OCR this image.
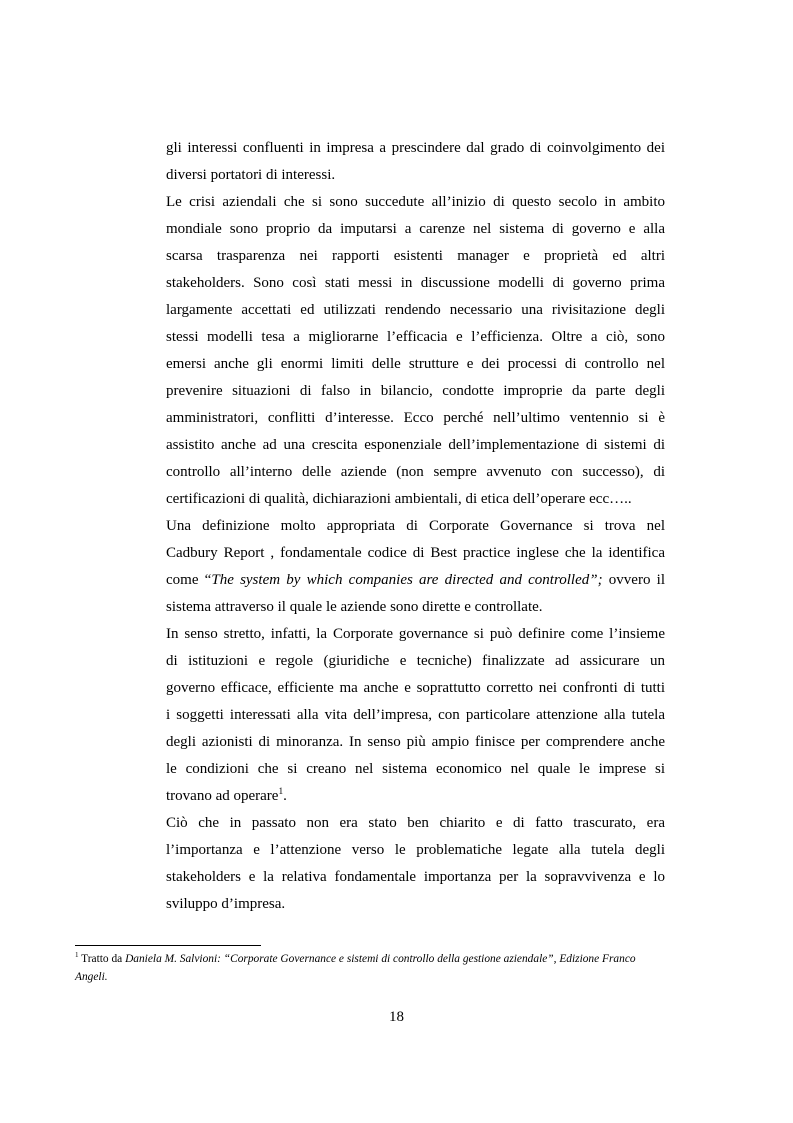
gli interessi confluenti in impresa a prescindere dal grado di coinvolgimento dei
diversi portatori di interessi.
Le crisi aziendali che si sono succedute all’inizio di questo secolo in ambito
mondiale sono proprio da imputarsi a carenze nel sistema di governo e alla
scarsa trasparenza nei rapporti esistenti manager e proprietà ed altri
stakeholders. Sono così stati messi in discussione modelli di governo prima
largamente accettati ed utilizzati rendendo necessario una rivisitazione degli
stessi modelli tesa a migliorarne l’efficacia e l’efficienza. Oltre a ciò, sono
emersi anche gli enormi limiti delle strutture e dei processi di controllo nel
prevenire situazioni di falso in bilancio, condotte improprie da parte degli
amministratori, conflitti d’interesse. Ecco perché nell’ultimo ventennio si è
assistito anche ad una crescita esponenziale dell’implementazione di sistemi di
controllo all’interno delle aziende (non sempre avvenuto con successo), di
certificazioni di qualità, dichiarazioni ambientali, di etica dell’operare ecc…..
Una definizione molto appropriata di Corporate Governance si trova nel
Cadbury Report , fondamentale codice di Best practice inglese che la identifica
come “The system by which companies are directed and controlled”; ovvero il
sistema attraverso il quale le aziende sono dirette e controllate.
In senso stretto, infatti, la Corporate governance si può definire come l’insieme
di istituzioni e regole (giuridiche e tecniche) finalizzate ad assicurare un
governo efficace, efficiente ma anche e soprattutto corretto nei confronti di tutti
i soggetti interessati alla vita dell’impresa, con particolare attenzione alla tutela
degli azionisti di minoranza. In senso più ampio finisce per comprendere anche
le condizioni che si creano nel sistema economico nel quale le imprese si
trovano ad operare$^1$.
Ciò che in passato non era stato ben chiarito e di fatto trascurato, era
l’importanza e l’attenzione verso le problematiche legate alla tutela degli
stakeholders e la relativa fondamentale importanza per la sopravvivenza e lo
sviluppo d’impresa.
$^1$ Tratto da Daniela M. Salvioni: “Corporate Governance e sistemi di controllo della gestione aziendale”, Edizione Franco
Angeli.
18
